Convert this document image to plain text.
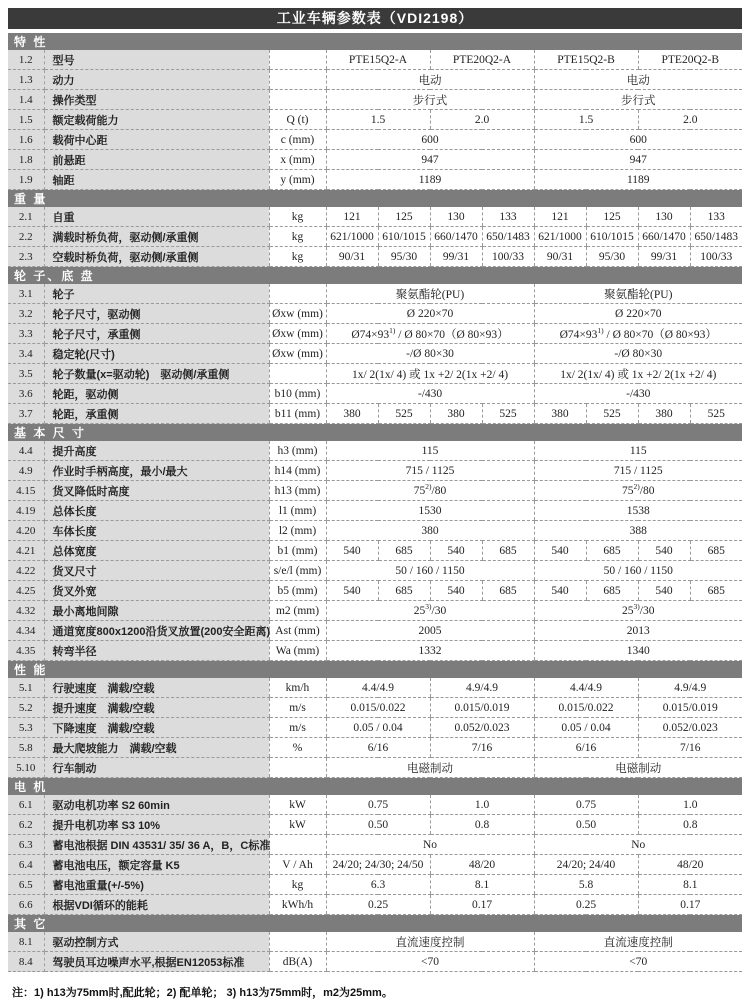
工业车辆参数表（VDI2198）
特 性										
1.2	型号		PTE15Q2-A		PTE20Q2-A		PTE15Q2-B		PTE20Q2-B	
1.3	动力		电动				电动			
1.4	操作类型		步行式				步行式			
1.5	额定载荷能力	Q (t)	1.5		2.0		1.5		2.0	
1.6	载荷中心距	c (mm)	600				600			
1.8	前悬距	x (mm)	947				947			
1.9	轴距	y (mm)	1189				1189			
重 量										
2.1	自重	kg	121	125	130	133	121	125	130	133
2.2	满载时桥负荷，驱动侧/承重侧	kg	621/1000	610/1015	660/1470	650/1483	621/1000	610/1015	660/1470	650/1483
2.3	空载时桥负荷，驱动侧/承重侧	kg	90/31	95/30	99/31	100/33	90/31	95/30	99/31	100/33
轮 子、底 盘										
3.1	轮子		聚氨酯轮(PU)				聚氨酯轮(PU)			
3.2	轮子尺寸，驱动侧	Øxw (mm)	Ø 220×70				Ø 220×70			
3.3	轮子尺寸，承重侧	Øxw (mm)	$Ø74\times 93^{1)}$ / Ø 80×70（Ø 80×93）				$Ø74\times 93^{1)}$ / Ø 80×70（Ø 80×93）			
3.4	稳定轮(尺寸)	Øxw (mm)	-/Ø 80×30				-/Ø 80×30			
3.5	轮子数量(x=驱动轮)　驱动侧/承重侧		1x/ 2(1x/ 4) 或 1x +2/ 2(1x +2/ 4)				1x/ 2(1x/ 4) 或 1x +2/ 2(1x +2/ 4)			
3.6	轮距，驱动侧	b10 (mm)	-/430				-/430			
3.7	轮距，承重侧	b11 (mm)	380	525	380	525	380	525	380	525
基 本 尺 寸										
4.4	提升高度	h3 (mm)	115				115			
4.9	作业时手柄高度，最小/最大	h14 (mm)	715 / 1125				715 / 1125			
4.15	货叉降低时高度	h13 (mm)	75$^{2)}$/80				75$^{2)}$/80			
4.19	总体长度	l1 (mm)	1530				1538			
4.20	车体长度	l2 (mm)	380				388			
4.21	总体宽度	b1 (mm)	540	685	540	685	540	685	540	685
4.22	货叉尺寸	s/e/l (mm)	50 / 160 / 1150				50 / 160 / 1150			
4.25	货叉外宽	b5 (mm)	540	685	540	685	540	685	540	685
4.32	最小离地间隙	m2 (mm)	25$^{3)}$/30				25$^{3)}$/30			
4.34	通道宽度800x1200沿货叉放置(200安全距离)	Ast (mm)	2005				2013			
4.35	转弯半径	Wa (mm)	1332				1340			
性 能										
5.1	行驶速度　满载/空载	km/h	4.4/4.9		4.9/4.9		4.4/4.9		4.9/4.9	
5.2	提升速度　满载/空载	m/s	0.015/0.022		0.015/0.019		0.015/0.022		0.015/0.019	
5.3	下降速度　满载/空载	m/s	0.05 / 0.04		0.052/0.023		0.05 / 0.04		0.052/0.023	
5.8	最大爬坡能力　满载/空载	%	6/16		7/16		6/16		7/16	
5.10	行车制动		电磁制动				电磁制动			
电 机										
6.1	驱动电机功率 S2 60min	kW	0.75		1.0		0.75		1.0	
6.2	提升电机功率 S3 10%	kW	0.50		0.8		0.50		0.8	
6.3	蓄电池根据 DIN 43531/ 35/ 36 A，B，C标准		No				No			
6.4	蓄电池电压，额定容量 K5	V / Ah	24/20; 24/30; 24/50		48/20		24/20; 24/40		48/20	
6.5	蓄电池重量(+/-5%)	kg	6.3		8.1		5.8		8.1	
6.6	根据VDI循环的能耗	kWh/h	0.25		0.17		0.25		0.17	
其 它										
8.1	驱动控制方式		直流速度控制				直流速度控制			
8.4	驾驶员耳边噪声水平,根据EN12053标准	dB(A)	<70				<70			
注：1) h13为75mm时,配此轮；2) 配单轮； 3) h13为75mm时，m2为25mm。
